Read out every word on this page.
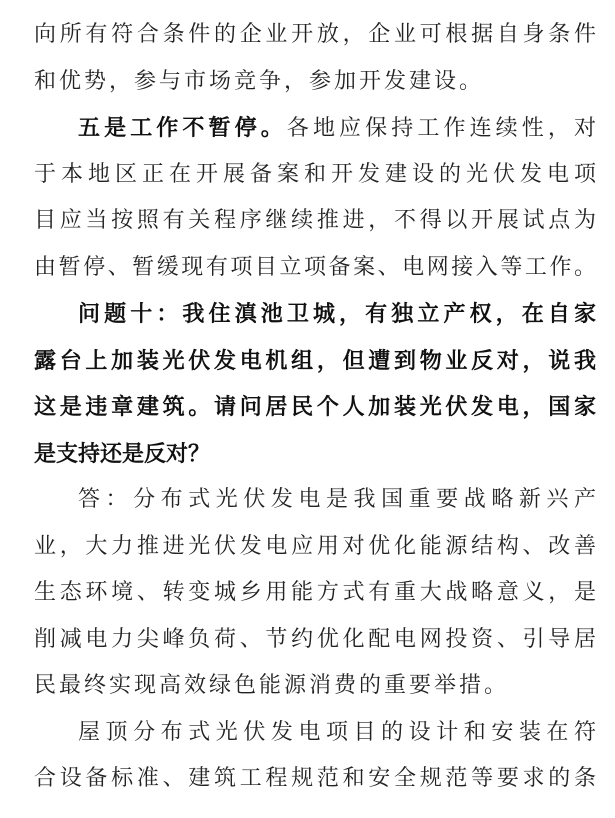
向所有符合条件的企业开放，企业可根据自身条件
和优势，参与市场竞争，参加开发建设。
五是工作不暂停。各地应保持工作连续性，对
于本地区正在开展备案和开发建设的光伏发电项
目应当按照有关程序继续推进，不得以开展试点为
由暂停、暂缓现有项目立项备案、电网接入等工作。
问题十：我住滇池卫城，有独立产权，在自家
露台上加装光伏发电机组，但遭到物业反对，说我
这是违章建筑。请问居民个人加装光伏发电，国家
是支持还是反对？
答：分布式光伏发电是我国重要战略新兴产
业，大力推进光伏发电应用对优化能源结构、改善
生态环境、转变城乡用能方式有重大战略意义，是
削减电力尖峰负荷、节约优化配电网投资、引导居
民最终实现高效绿色能源消费的重要举措。
屋顶分布式光伏发电项目的设计和安装在符
合设备标准、建筑工程规范和安全规范等要求的条
